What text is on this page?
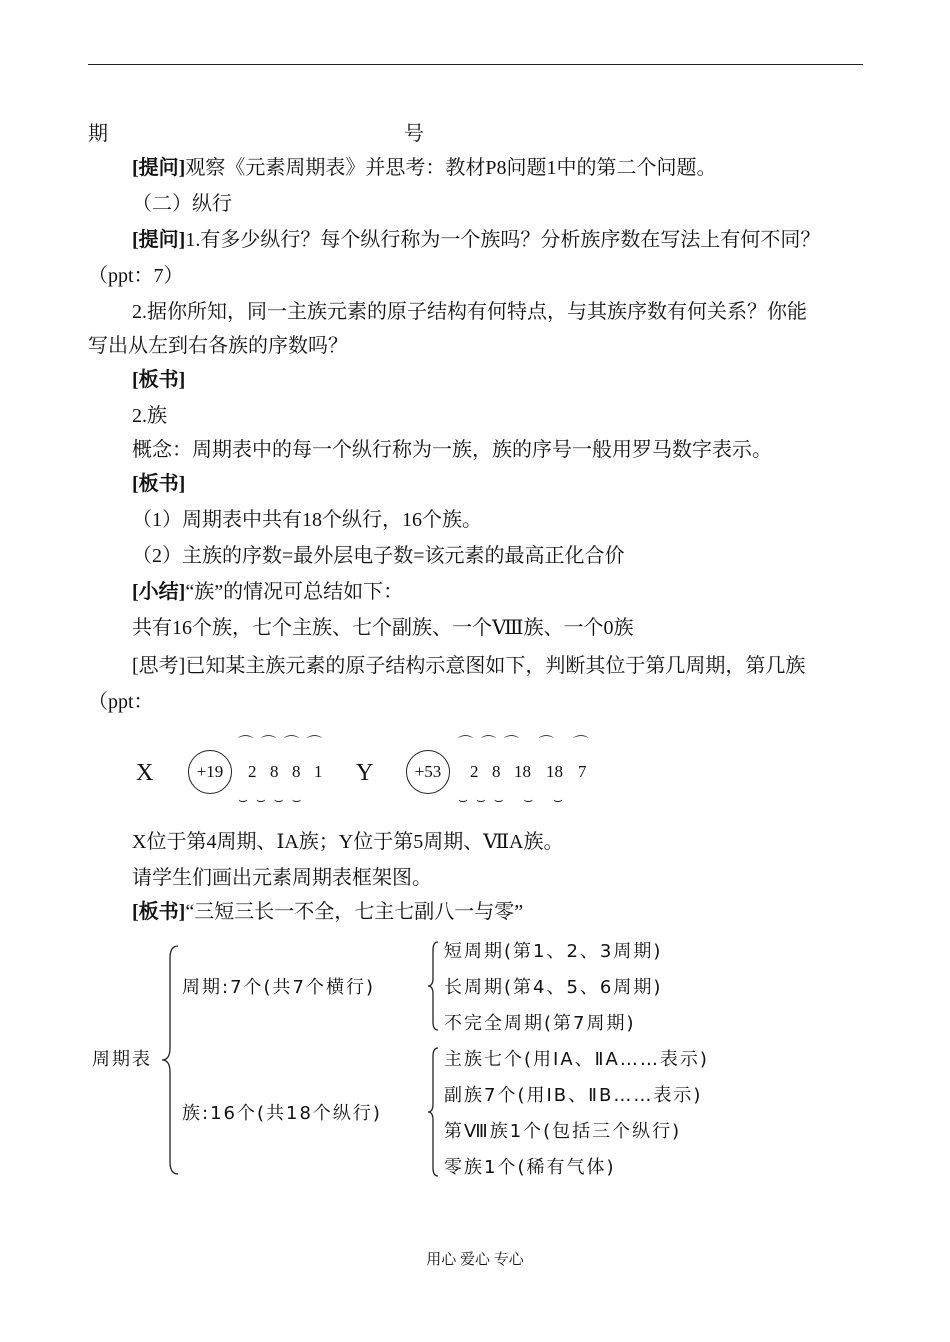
期	号
[提问]观察《元素周期表》并思考：教材P8问题1中的第二个问题。
（二）纵行
[提问]1.有多少纵行？每个纵行称为一个族吗？分析族序数在写法上有何不同？
（ppt：7）
2.据你所知，同一主族元素的原子结构有何特点，与其族序数有何关系？你能
写出从左到右各族的序数吗？
[板书]
2.族
概念：周期表中的每一个纵行称为一族，族的序号一般用罗马数字表示。
[板书]
（1）周期表中共有18个纵行，16个族。
（2）主族的序数=最外层电子数=该元素的最高正化合价
[小结]“族”的情况可总结如下：
共有16个族，七个主族、七个副族、一个Ⅷ族、一个0族
[思考]已知某主族元素的原子结构示意图如下，判断其位于第几周期，第几族
（ppt：
X	+19	2 8 8 1
⌒⌒⌒⌒
⌣⌣⌣⌣
Y	+53	2 8 18 18 7
⌒⌒⌒ ⌒ ⌒
⌣⌣⌣ ⌣ ⌣
X位于第4周期、ⅠA族；Y位于第5周期、ⅦA族。
请学生们画出元素周期表框架图。
[板书]“三短三长一不全，七主七副八一与零”
周期表
周期:7个(共7个横行)
短周期(第1、2、3周期)
长周期(第4、5、6周期)
不完全周期(第7周期)
族:16个(共18个纵行)
主族七个(用ⅠA、ⅡA……表示)
副族7个(用ⅠB、ⅡB……表示)
第Ⅷ族1个(包括三个纵行)
零族1个(稀有气体)
用心 爱心 专心
